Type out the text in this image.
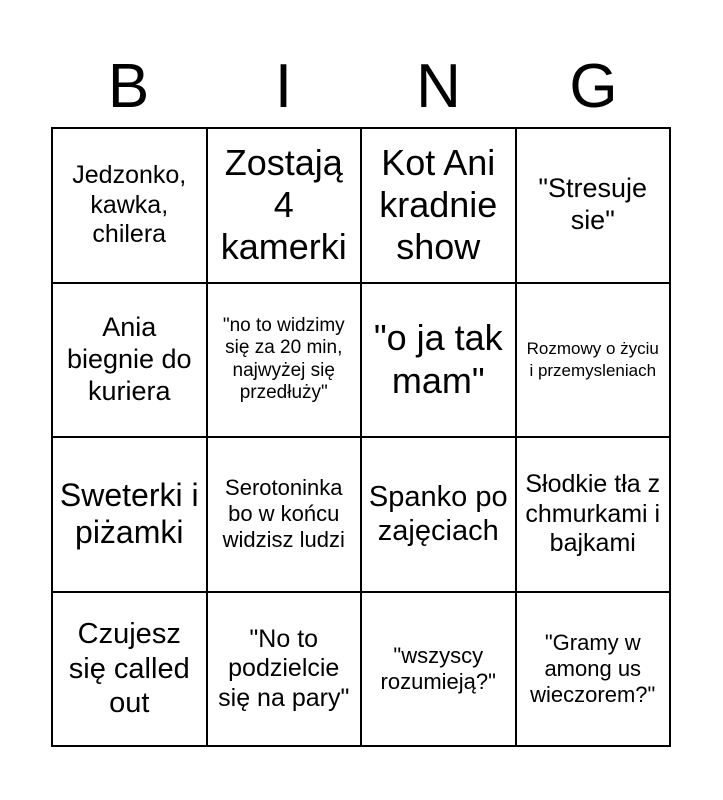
B	I	N	G
Jedzonko, kawka, chilera
Zostają 4 kamerki
Kot Ani kradnie show
"Stresuje sie"
Ania biegnie do kuriera
"no to widzimy się za 20 min, najwyżej się przedłuży"
"o ja tak mam"
Rozmowy o życiu i przemysleniach
Sweterki i piżamki
Serotoninka bo w końcu widzisz ludzi
Spanko po zajęciach
Słodkie tła z chmurkami i bajkami
Czujesz się called out
"No to podzielcie się na pary"
"wszyscy rozumieją?"
"Gramy w among us wieczorem?"
